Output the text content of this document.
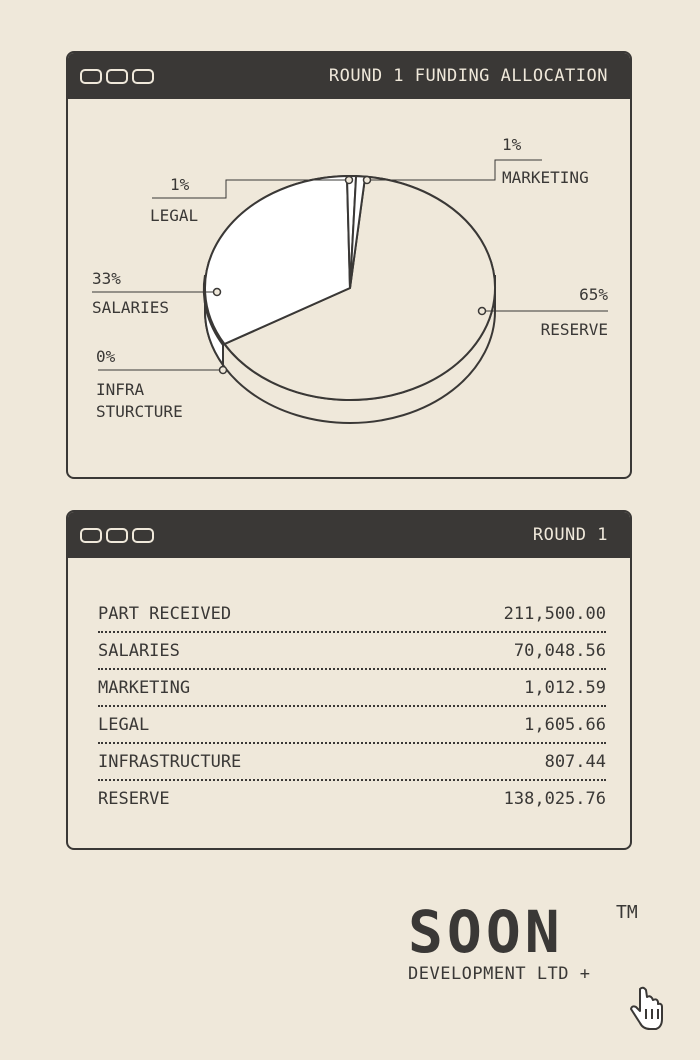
ROUND 1 FUNDING ALLOCATION
65%
RESERVE
33%
SALARIES
1%
LEGAL
1%
MARKETING
0%
INFRA
STURCTURE
ROUND 1
PART RECEIVED	211,500.00
SALARIES	70,048.56
MARKETING	1,012.59
LEGAL	1,605.66
INFRASTRUCTURE	807.44
RESERVE	138,025.76
SOON	TM
DEVELOPMENT LTD +
